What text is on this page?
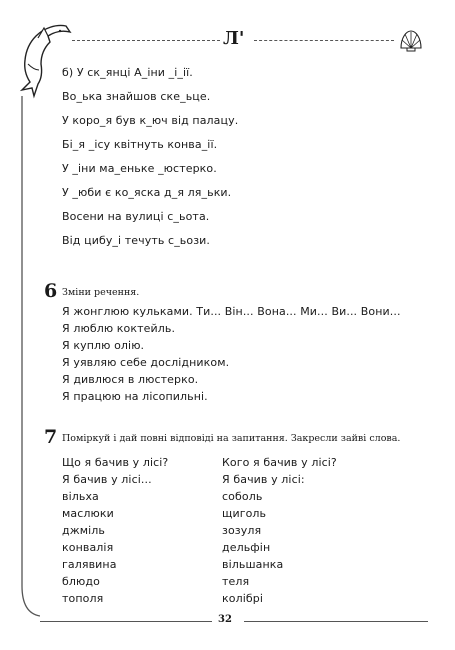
Л'
б) У ск_янці А_іни _і_ії.
Во_ька знайшов ске_ьце.
У коро_я був к_юч від палацу.
Бі_я _ісу квітнуть конва_ії.
У _іни ма_еньке _юстерко.
У _юби є ко_яска д_я ля_ьки.
Восени на вулиці с_ьота.
Від цибу_і течуть с_ьози.
6 Зміни речення.
Я жонглюю кульками. Ти... Він... Вона... Ми... Ви... Вони...
Я люблю коктейль.
Я куплю олію.
Я уявляю себе дослідником.
Я дивлюся в люстерко.
Я працюю на лісопильні.
7 Поміркуй і дай повні відповіді на запитання. Закресли зайві слова.
Що я бачив у лісі?
Я бачив у лісі...
вільха
маслюки
джміль
конвалія
галявина
блюдо
тополя
Кого я бачив у лісі?
Я бачив у лісі:
соболь
щиголь
зозуля
дельфін
вільшанка
теля
колібрі
32
